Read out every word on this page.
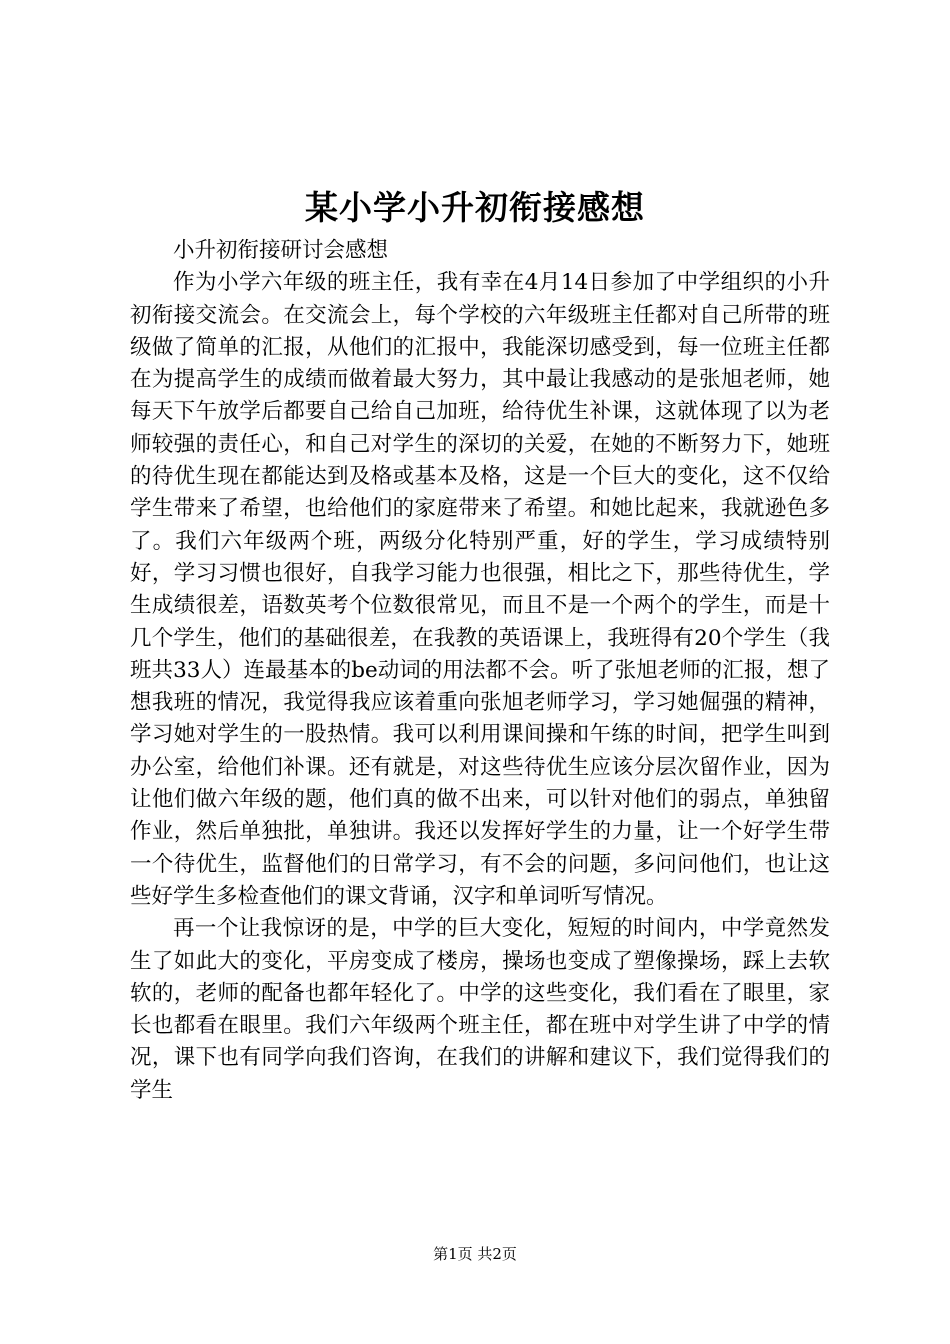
某小学小升初衔接感想

小升初衔接研讨会感想

作为小学六年级的班主任，我有幸在4月14日参加了中学组织的小升初衔接交流会。在交流会上，每个学校的六年级班主任都对自己所带的班级做了简单的汇报，从他们的汇报中，我能深切感受到，每一位班主任都在为提高学生的成绩而做着最大努力，其中最让我感动的是张旭老师，她每天下午放学后都要自己给自己加班，给待优生补课，这就体现了以为老师较强的责任心，和自己对学生的深切的关爱，在她的不断努力下，她班的待优生现在都能达到及格或基本及格，这是一个巨大的变化，这不仅给学生带来了希望，也给他们的家庭带来了希望。和她比起来，我就逊色多了。我们六年级两个班，两级分化特别严重，好的学生，学习成绩特别好，学习习惯也很好，自我学习能力也很强，相比之下，那些待优生，学生成绩很差，语数英考个位数很常见，而且不是一个两个的学生，而是十几个学生，他们的基础很差，在我教的英语课上，我班得有20个学生（我班共33人）连最基本的be动词的用法都不会。听了张旭老师的汇报，想了想我班的情况，我觉得我应该着重向张旭老师学习，学习她倔强的精神，学习她对学生的一股热情。我可以利用课间操和午练的时间，把学生叫到办公室，给他们补课。还有就是，对这些待优生应该分层次留作业，因为让他们做六年级的题，他们真的做不出来，可以针对他们的弱点，单独留作业，然后单独批，单独讲。我还以发挥好学生的力量，让一个好学生带一个待优生，监督他们的日常学习，有不会的问题，多问问他们，也让这些好学生多检查他们的课文背诵，汉字和单词听写情况。

再一个让我惊讶的是，中学的巨大变化，短短的时间内，中学竟然发生了如此大的变化，平房变成了楼房，操场也变成了塑像操场，踩上去软软的，老师的配备也都年轻化了。中学的这些变化，我们看在了眼里，家长也都看在眼里。我们六年级两个班主任，都在班中对学生讲了中学的情况，课下也有同学向我们咨询，在我们的讲解和建议下，我们觉得我们的学生

第1页 共2页
